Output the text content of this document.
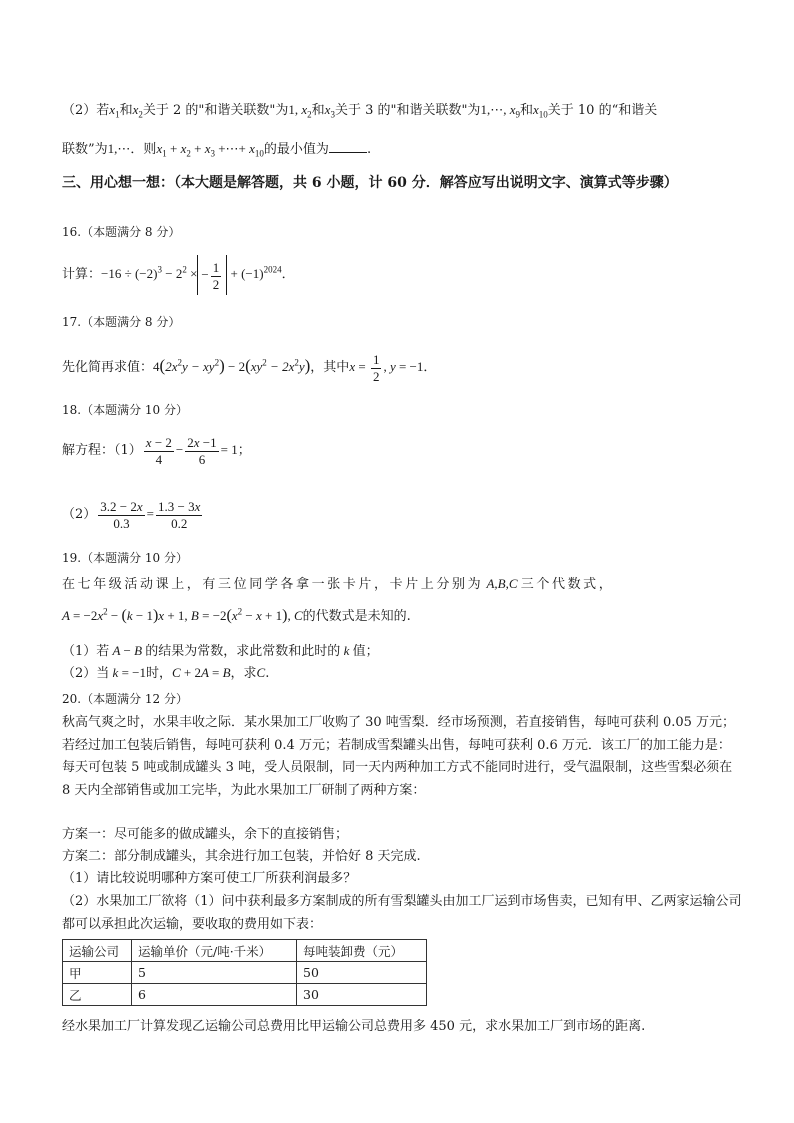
（2）若$x_1$和$x_2$关于 2 的"和谐关联数"为1, $x_2$和$x_3$关于 3 的"和谐关联数"为1,⋯, $x_9$和$x_{10}$关于 10 的“和谐关
联数”为1,⋯．则$x_1 + x_2 + x_3$ +⋯+ $x_{10}$的最小值为	.
三、用心想一想：（本大题是解答题，共 6 小题，计 60 分．解答应写出说明文字、演算式等步骤）
16.（本题满分 8 分）
计算：$-16 \div (-2)^3 - 2^2$ × − $\frac{1}{2} + (-1)^{2024}$．
17.（本题满分 8 分）
先化简再求值：$4(2x^2y - xy^2) - 2(xy^2 - 2x^2y)$，其中$x = \frac{1}{2}$ , y = −1．
18.（本题满分 10 分）
解方程：$(1) \frac{x - 2}{4} - \frac{2x -1}{6} = 1$；
$(2) \frac{3.2 - 2x}{0.3} = \frac{1.3 - 3x}{0.2}$
19.（本题满分 10 分）
在七年级活动课上，有三位同学各拿一张卡片，卡片上分别为 A,B,C 三个代数式，
$A = -2x^2 - (k - 1)x + 1$, $B = -2(x^2 - x + 1)$, C的代数式是未知的.
（1）若 A − B 的结果为常数，求此常数和此时的 k 值；
（2）当 k = −1时，C + 2A = B，求C.
20.（本题满分 12 分）
秋高气爽之时，水果丰收之际．某水果加工厂收购了 30 吨雪梨．经市场预测，若直接销售，每吨可获利 0.05 万元；若经过加工包装后销售，每吨可获利 0.4 万元；若制成雪梨罐头出售，每吨可获利 0.6 万元．该工厂的加工能力是：每天可包装 5 吨或制成罐头 3 吨，受人员限制，同一天内两种加工方式不能同时进行，受气温限制，这些雪梨必须在 8 天内全部销售或加工完毕，为此水果加工厂研制了两种方案：
方案一：尽可能多的做成罐头，余下的直接销售；
方案二：部分制成罐头，其余进行加工包装，并恰好 8 天完成.
（1）请比较说明哪种方案可使工厂所获利润最多？
（2）水果加工厂欲将（1）问中获利最多方案制成的所有雪梨罐头由加工厂运到市场售卖，已知有甲、乙两家运输公司都可以承担此次运输，要收取的费用如下表：
运输公司	运输单价（元/吨·千米）	每吨装卸费（元）
甲	5	50
乙	6	30
经水果加工厂计算发现乙运输公司总费用比甲运输公司总费用多 450 元，求水果加工厂到市场的距离.
